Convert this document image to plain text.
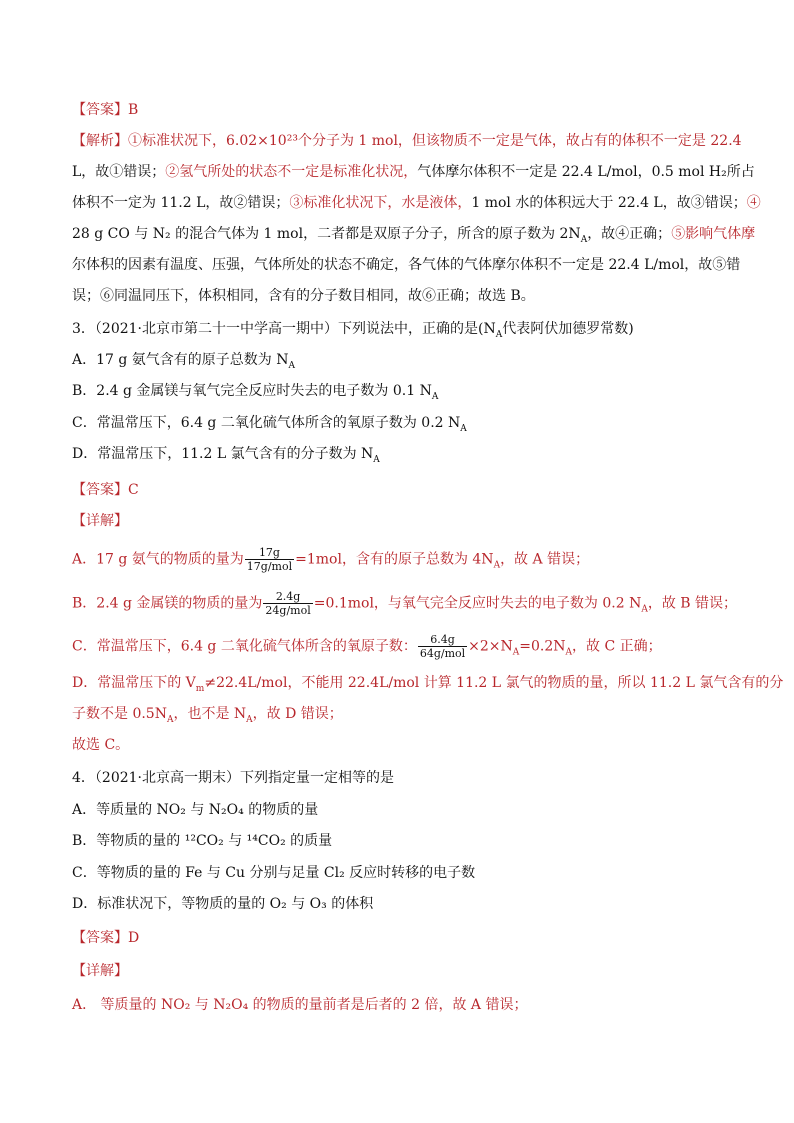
【答案】B
【解析】①标准状况下，6.02×10²³个分子为 1 mol，但该物质不一定是气体，故占有的体积不一定是 22.4
L，故①错误；②氢气所处的状态不一定是标准化状况，气体摩尔体积不一定是 22.4 L/mol，0.5 mol H₂所占
体积不一定为 11.2 L，故②错误；③标准化状况下，水是液体，1 mol 水的体积远大于 22.4 L，故③错误；④
28 g CO 与 N₂ 的混合气体为 1 mol，二者都是双原子分子，所含的原子数为 $2N_A$，故④正确；⑤影响气体摩
尔体积的因素有温度、压强，气体所处的状态不确定，各气体的气体摩尔体积不一定是 22.4 L/mol，故⑤错
误；⑥同温同压下，体积相同，含有的分子数目相同，故⑥正确；故选 B。
3．（2021·北京市第二十一中学高一期中）下列说法中，正确的是($N_A$代表阿伏加德罗常数)
A．17 g 氨气含有的原子总数为 $N_A$
B．2.4 g 金属镁与氧气完全反应时失去的电子数为 0.1 $N_A$
C．常温常压下，6.4 g 二氧化硫气体所含的氧原子数为 0.2 $N_A$
D．常温常压下，11.2 L 氯气含有的分子数为 $N_A$
【答案】C
【详解】
A．17 g 氨气的物质的量为 $\frac{17g}{\text{17g/mol}} =1mol$，含有的原子总数为 $4N_A$，故 A 错误；
B．2.4 g 金属镁的物质的量为 $\frac{2.4g}{\text{24g/mol}} =0.1mol$，与氧气完全反应时失去的电子数为 0.2 $N_A$，故 B 错误；
C．常温常压下，6.4 g 二氧化硫气体所含的氧原子数： $\frac{6.4g}{\text{64g/mol}} \times 2\times N_A=0.2N_A$，故 C 正确；
D．常温常压下的 $V_m\ne 22.4L$/mol，不能用 22.4L/mol 计算 11.2 L 氯气的物质的量，所以 11.2 L 氯气含有的分
子数不是 $0.5N_A$，也不是 $N_A$，故 D 错误；
故选 C。
4．（2021·北京高一期末）下列指定量一定相等的是
A．等质量的 NO₂ 与 N₂O₄ 的物质的量
B．等物质的量的 ¹²CO₂ 与 ¹⁴CO₂ 的质量
C．等物质的量的 Fe 与 Cu 分别与足量 Cl₂ 反应时转移的电子数
D．标准状况下，等物质的量的 O₂ 与 O₃ 的体积
【答案】D
【详解】
A． 等质量的 NO₂ 与 N₂O₄ 的物质的量前者是后者的 2 倍，故 A 错误；
